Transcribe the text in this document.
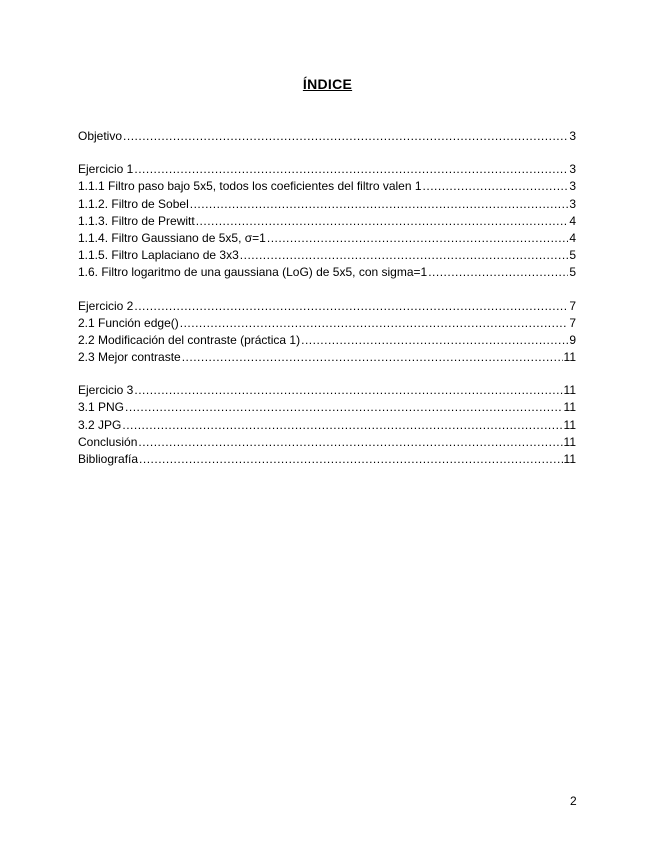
ÍNDICE
Objetivo .....	3
Ejercicio 1 .....	3
1.1.1 Filtro paso bajo 5x5, todos los coeficientes del filtro valen 1 .....	3
1.1.2. Filtro de Sobel .....	3
1.1.3. Filtro de Prewitt .....	4
1.1.4. Filtro Gaussiano de 5x5, σ=1 .....	4
1.1.5. Filtro Laplaciano de 3x3 .....	5
1.6. Filtro logaritmo de una gaussiana (LoG) de 5x5, con sigma=1 .....	5
Ejercicio 2 .....	7
2.1 Función edge() .....	7
2.2 Modificación del contraste (práctica 1) .....	9
2.3 Mejor contraste .....	11
Ejercicio 3 .....	11
3.1 PNG .....	11
3.2 JPG .....	11
Conclusión .....	11
Bibliografía .....	11
2
